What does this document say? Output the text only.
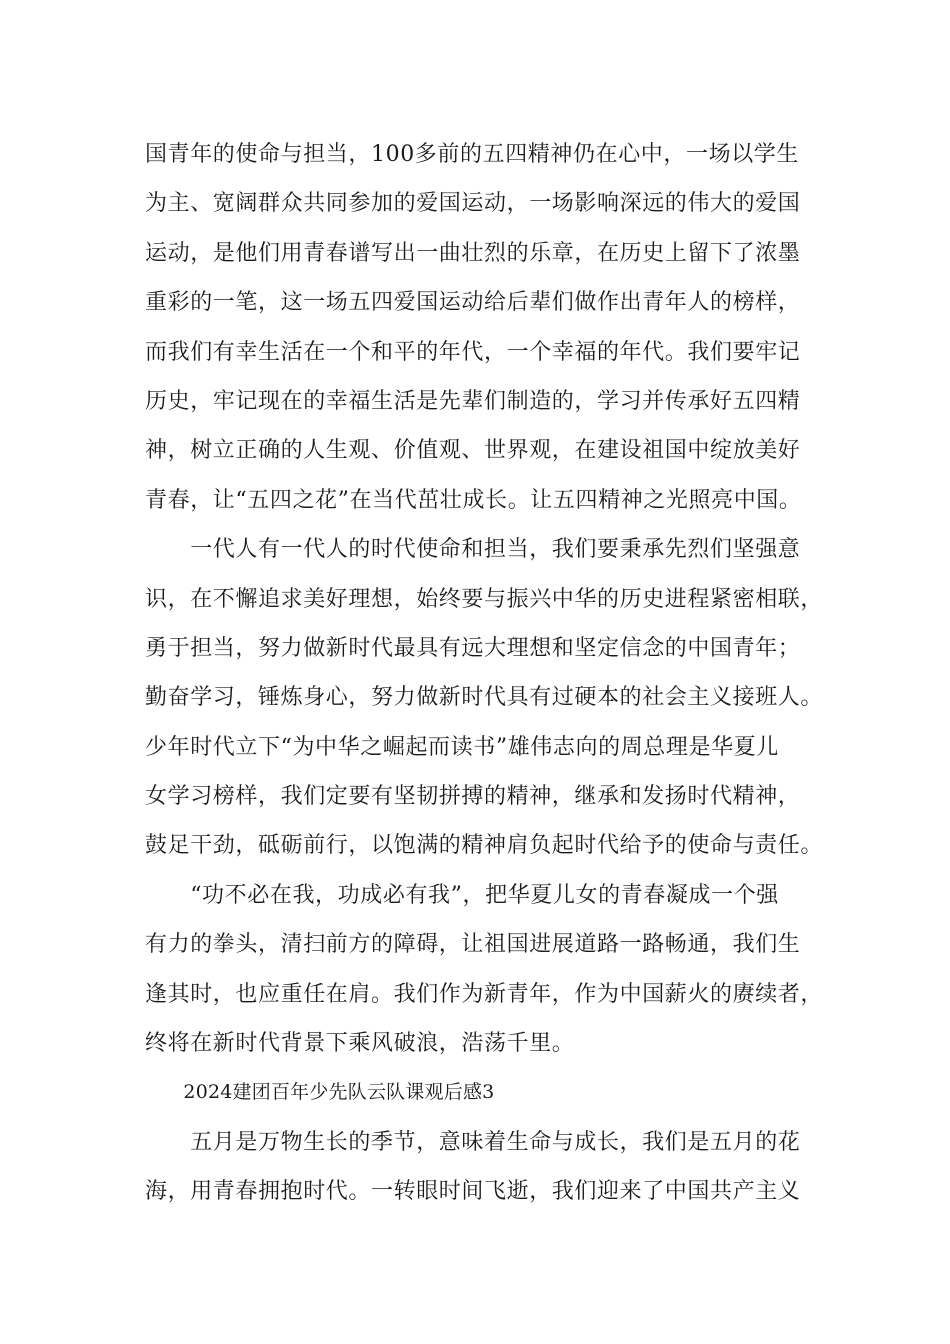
国青年的使命与担当，100多前的五四精神仍在心中，一场以学生
为主、宽阔群众共同参加的爱国运动，一场影响深远的伟大的爱国
运动，是他们用青春谱写出一曲壮烈的乐章，在历史上留下了浓墨
重彩的一笔，这一场五四爱国运动给后辈们做作出青年人的榜样，
而我们有幸生活在一个和平的年代，一个幸福的年代。我们要牢记
历史，牢记现在的幸福生活是先辈们制造的，学习并传承好五四精
神，树立正确的人生观、价值观、世界观，在建设祖国中绽放美好
青春，让“五四之花”在当代茁壮成长。让五四精神之光照亮中国。
　　一代人有一代人的时代使命和担当，我们要秉承先烈们坚强意
识，在不懈追求美好理想，始终要与振兴中华的历史进程紧密相联，
勇于担当，努力做新时代最具有远大理想和坚定信念的中国青年；
勤奋学习，锤炼身心，努力做新时代具有过硬本的社会主义接班人。
少年时代立下“为中华之崛起而读书”雄伟志向的周总理是华夏儿
女学习榜样，我们定要有坚韧拼搏的精神，继承和发扬时代精神，
鼓足干劲，砥砺前行，以饱满的精神肩负起时代给予的使命与责任。
　　“功不必在我，功成必有我”，把华夏儿女的青春凝成一个强
有力的拳头，清扫前方的障碍，让祖国进展道路一路畅通，我们生
逢其时，也应重任在肩。我们作为新青年，作为中国薪火的赓续者，
终将在新时代背景下乘风破浪，浩荡千里。
　　2024建团百年少先队云队课观后感3
　　五月是万物生长的季节，意味着生命与成长，我们是五月的花
海，用青春拥抱时代。一转眼时间飞逝，我们迎来了中国共产主义
